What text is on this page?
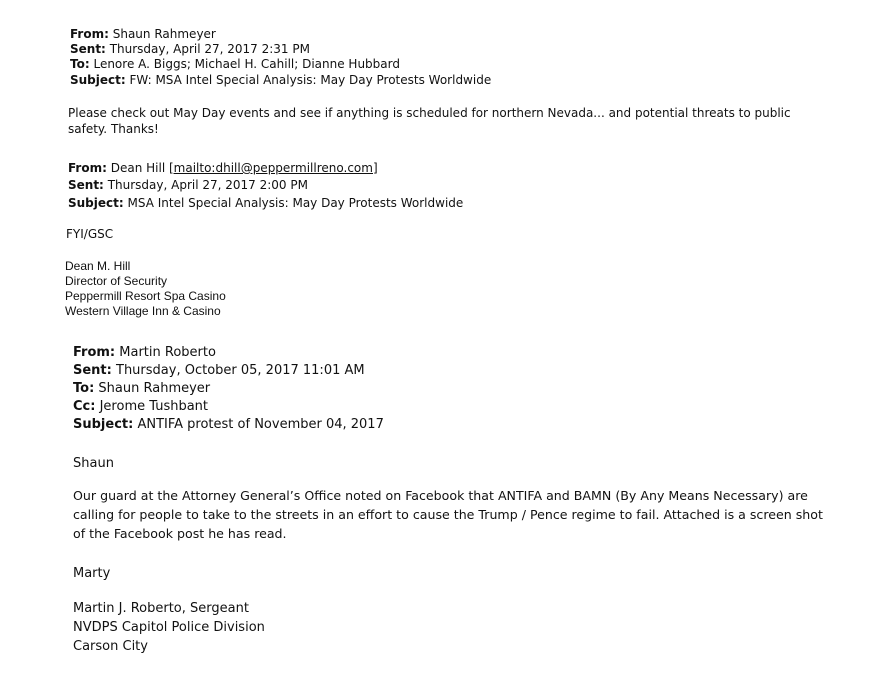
From: Shaun Rahmeyer
Sent: Thursday, April 27, 2017 2:31 PM
To: Lenore A. Biggs; Michael H. Cahill; Dianne Hubbard
Subject: FW: MSA Intel Special Analysis: May Day Protests Worldwide
Please check out May Day events and see if anything is scheduled for northern Nevada... and potential threats to public
safety. Thanks!
From: Dean Hill [mailto:dhill@peppermillreno.com]
Sent: Thursday, April 27, 2017 2:00 PM
Subject: MSA Intel Special Analysis: May Day Protests Worldwide
FYI/GSC
Dean M. Hill
Director of Security
Peppermill Resort Spa Casino
Western Village Inn & Casino
From: Martin Roberto
Sent: Thursday, October 05, 2017 11:01 AM
To: Shaun Rahmeyer
Cc: Jerome Tushbant
Subject: ANTIFA protest of November 04, 2017
Shaun
Our guard at the Attorney General’s Office noted on Facebook that ANTIFA and BAMN (By Any Means Necessary) are
calling for people to take to the streets in an effort to cause the Trump / Pence regime to fail. Attached is a screen shot
of the Facebook post he has read.
Marty
Martin J. Roberto, Sergeant
NVDPS Capitol Police Division
Carson City
